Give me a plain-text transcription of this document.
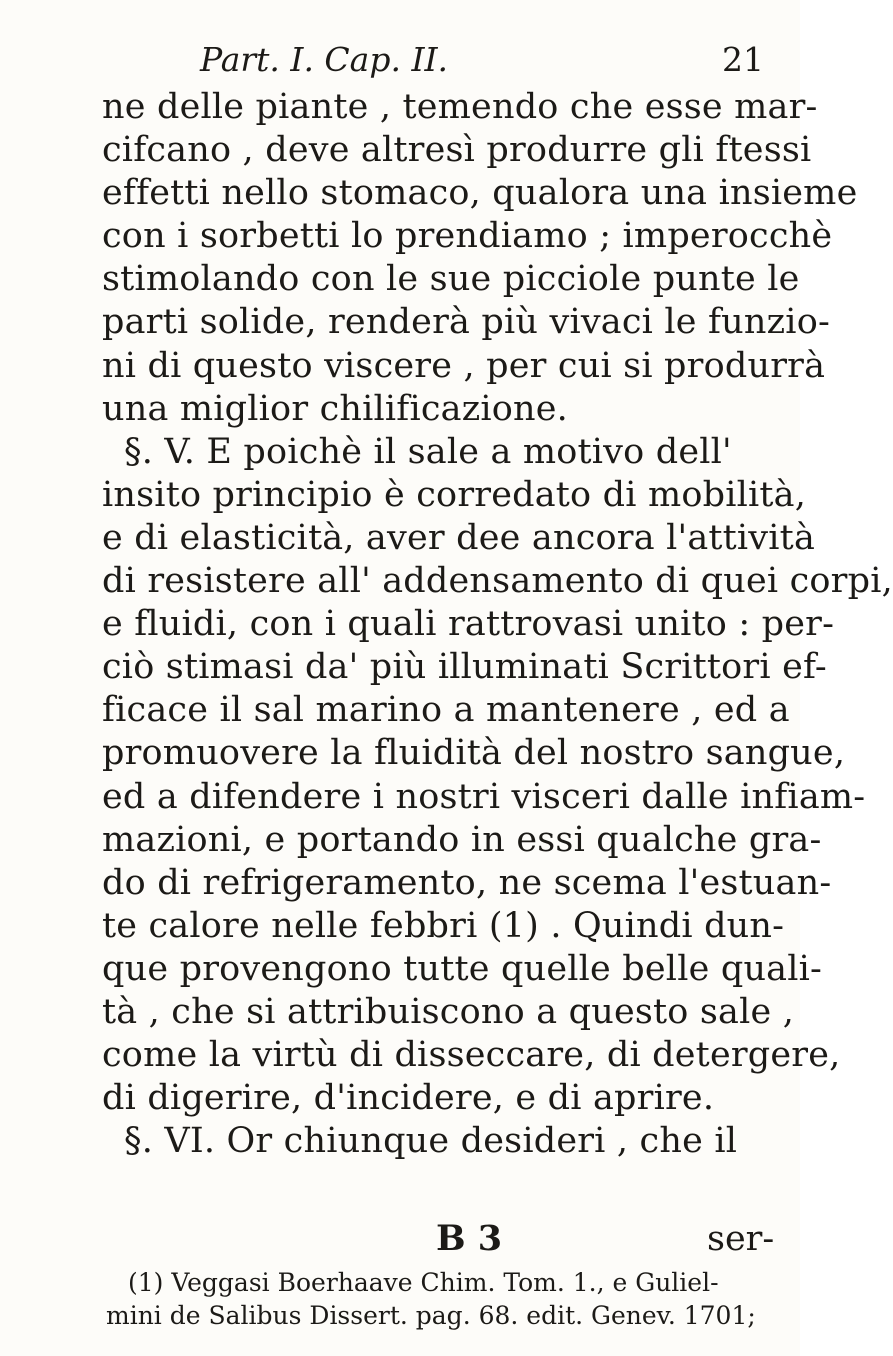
Part. I. Cap. II.	21
ne delle piante , temendo che esse mar-
cifcano , deve altresì produrre gli ftessi
effetti nello stomaco, qualora una insieme
con i sorbetti lo prendiamo ; imperocchè
stimolando con le sue picciole punte le
parti solide, renderà più vivaci le funzio-
ni di questo viscere , per cui si produrrà
una miglior chilificazione.
§. V. E poichè il sale a motivo dell'
insito principio è corredato di mobilità,
e di elasticità, aver dee ancora l'attività
di resistere all' addensamento di quei corpi,
e fluidi, con i quali rattrovasi unito : per-
ciò stimasi da' più illuminati Scrittori ef-
ficace il sal marino a mantenere , ed a
promuovere la fluidità del nostro sangue,
ed a difendere i nostri visceri dalle infiam-
mazioni, e portando in essi qualche gra-
do di refrigeramento, ne scema l'estuan-
te calore nelle febbri (1) . Quindi dun-
que provengono tutte quelle belle quali-
tà , che si attribuiscono a questo sale ,
come la virtù di disseccare, di detergere,
di digerire, d'incidere, e di aprire.
§. VI. Or chiunque desideri , che il
B 3	ser-
(1) Veggasi Boerhaave Chim. Tom. 1., e Guliel-
mini de Salibus Dissert. pag. 68. edit. Genev. 1701;
